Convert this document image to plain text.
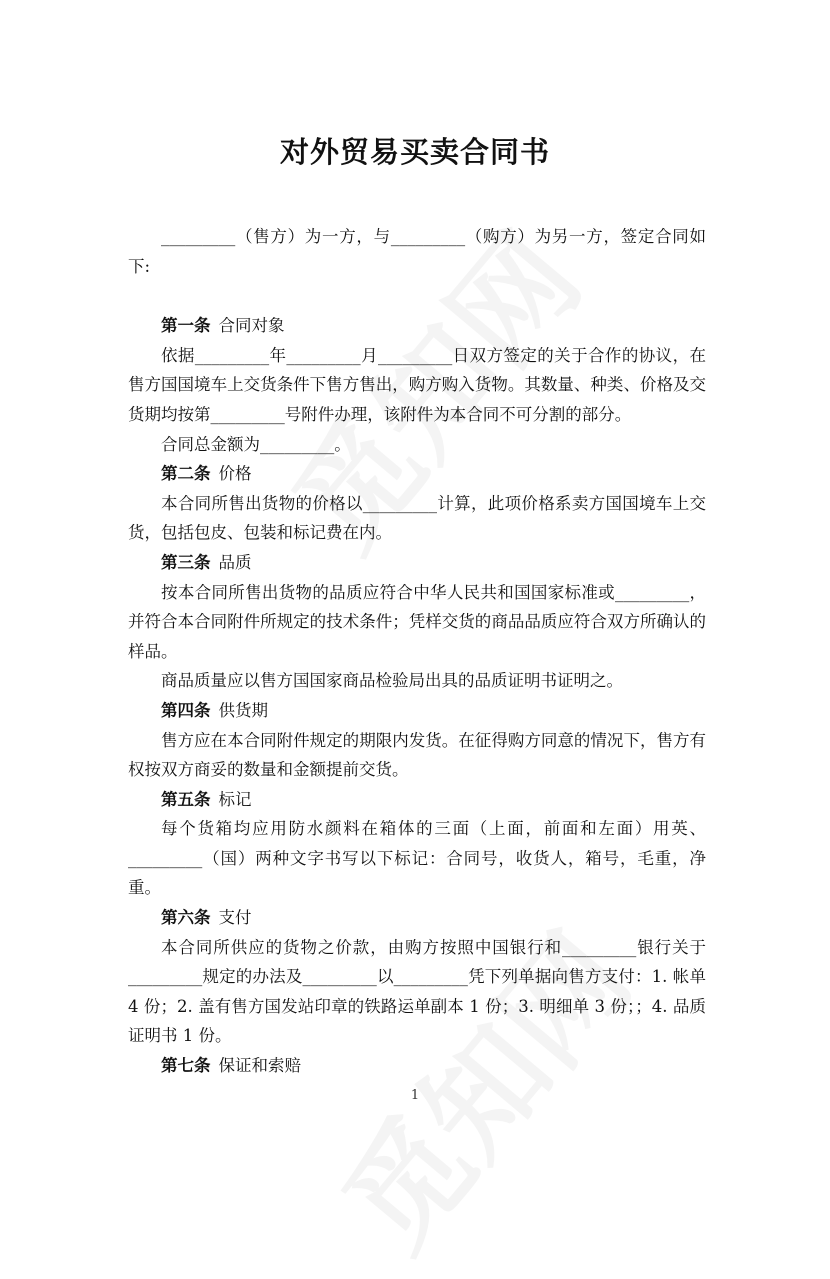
对外贸易买卖合同书

_________（售方）为一方，与_________（购方）为另一方，签定合同如下:

第一条 合同对象

依据_________年_________月_________日双方签定的关于合作的协议，在售方国国境车上交货条件下售方售出，购方购入货物。其数量、种类、价格及交货期均按第_________号附件办理，该附件为本合同不可分割的部分。

合同总金额为_________。

第二条 价格

本合同所售出货物的价格以_________计算，此项价格系卖方国国境车上交货，包括包皮、包装和标记费在内。

第三条 品质

按本合同所售出货物的品质应符合中华人民共和国国家标准或_________，并符合本合同附件所规定的技术条件；凭样交货的商品品质应符合双方所确认的样品。

商品质量应以售方国国家商品检验局出具的品质证明书证明之。

第四条 供货期

售方应在本合同附件规定的期限内发货。在征得购方同意的情况下，售方有权按双方商妥的数量和金额提前交货。

第五条 标记

每个货箱均应用防水颜料在箱体的三面（上面，前面和左面）用英、_________（国）两种文字书写以下标记：合同号，收货人，箱号，毛重，净重。

第六条 支付

本合同所供应的货物之价款，由购方按照中国银行和_________银行关于_________规定的办法及_________以_________凭下列单据向售方支付：1. 帐单 4 份；2. 盖有售方国发站印章的铁路运单副本 1 份；3. 明细单 3 份；；4. 品质证明书 1 份。

第七条 保证和索赔

1
